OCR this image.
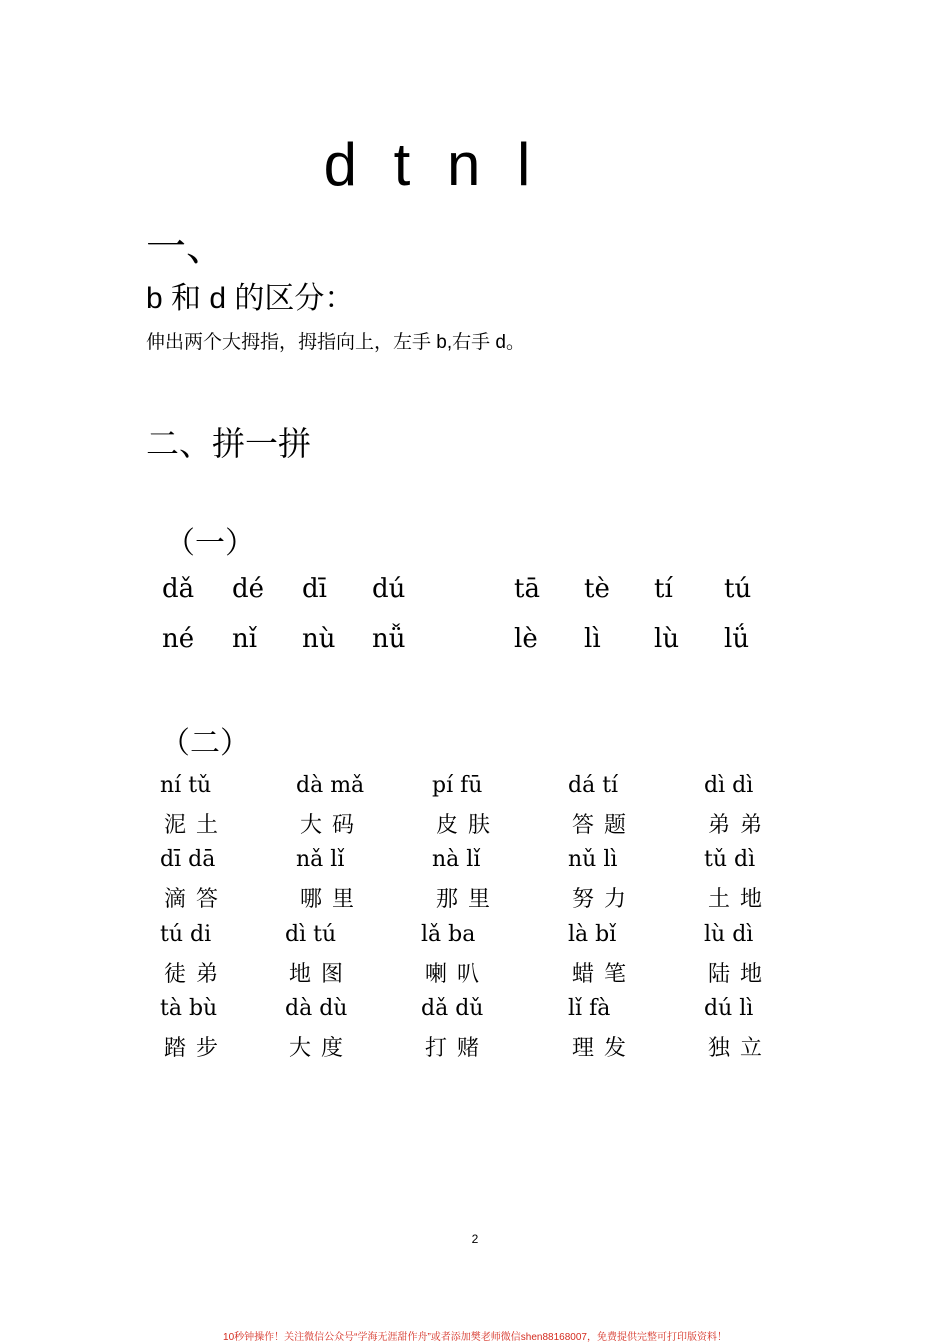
d t n l
一、
b 和 d 的区分：
伸出两个大拇指，拇指向上，左手 b,右手 d。
二、拼一拼
（一）
dǎ dé dī dú	tā tè tí tú
né nǐ nù nǚ	lè lì lù lǘ
（二）
ní tǔ
泥土
dà mǎ
大码
pí fū
皮肤
dá tí
答题
dì dì
弟弟
dī dā
滴答
nǎ lǐ
哪里
nà lǐ
那里
nǔ lì
努力
tǔ dì
土地
tú di
徒弟
dì tú
地图
lǎ ba
喇叭
là bǐ
蜡笔
lù dì
陆地
tà bù
踏步
dà dù
大度
dǎ dǔ
打赌
lǐ fà
理发
dú lì
独立
2
10秒钟操作！关注微信公众号“学海无涯甜作舟”或者添加樊老师微信shen88168007，免费提供完整可打印版资料！
